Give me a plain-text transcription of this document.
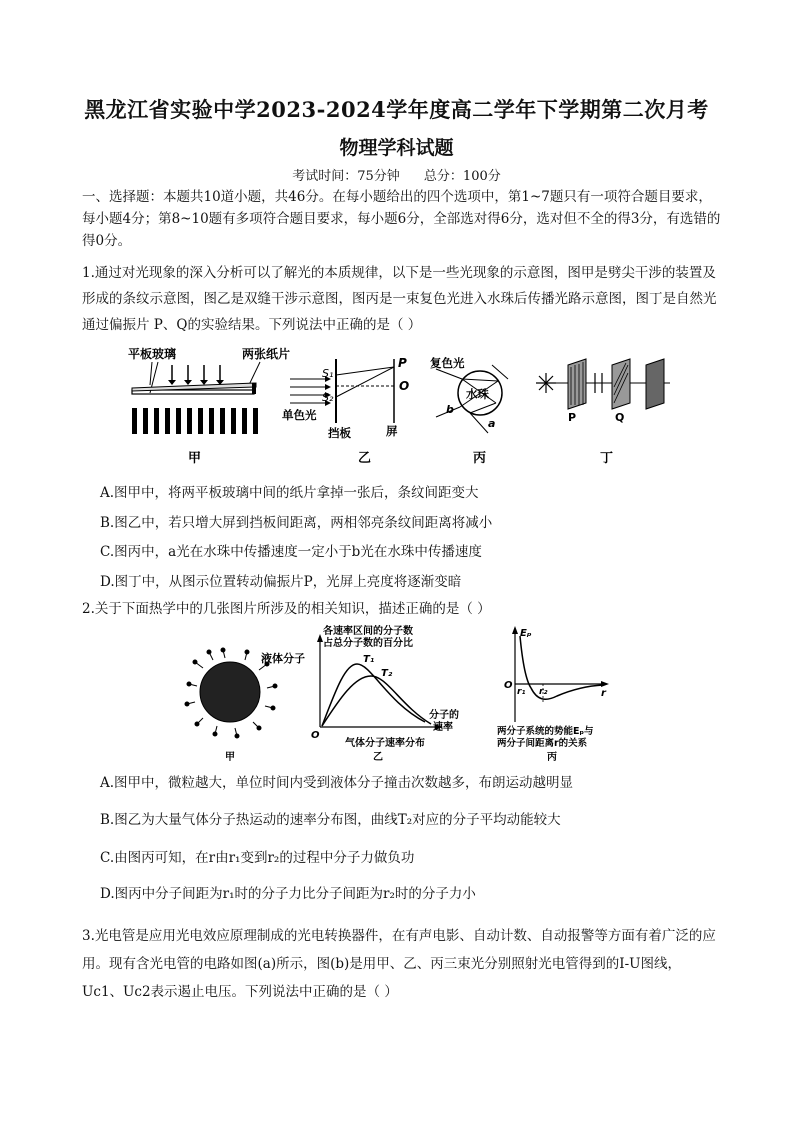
黑龙江省实验中学2023-2024学年度高二学年下学期第二次月考
物理学科试题
考试时间：75分钟 总分：100分
一、选择题：本题共10道小题，共46分。在每小题给出的四个选项中，第1~7题只有一项符合题目要求，每小题4分；第8~10题有多项符合题目要求，每小题6分，全部选对得6分，选对但不全的得3分，有选错的得0分。
1.通过对光现象的深入分析可以了解光的本质规律，以下是一些光现象的示意图，图甲是劈尖干涉的装置及形成的条纹示意图，图乙是双缝干涉示意图，图丙是一束复色光进入水珠后传播光路示意图，图丁是自然光通过偏振片 P、Q的实验结果。下列说法中正确的是（ ）
平板玻璃	两张纸片
甲
S₁
S₂
P
O
单色光
挡板	屏
乙
复色光
水珠
b
a
丙
P	Q
丁
A.图甲中，将两平板玻璃中间的纸片拿掉一张后，条纹间距变大
B.图乙中，若只增大屏到挡板间距离，两相邻亮条纹间距离将减小
C.图丙中，a光在水珠中传播速度一定小于b光在水珠中传播速度
D.图丁中，从图示位置转动偏振片P，光屏上亮度将逐渐变暗
2.关于下面热学中的几张图片所涉及的相关知识，描述正确的是（ ）
液体分子
甲
各速率区间的分子数
占总分子数的百分比
T₁
T₂
O
分子的
速率
气体分子速率分布
乙
Eₚ
r₁ r₂	r
O
两分子系统的势能Eₚ与
两分子间距离r的关系
丙
A.图甲中，微粒越大，单位时间内受到液体分子撞击次数越多，布朗运动越明显
B.图乙为大量气体分子热运动的速率分布图，曲线T₂对应的分子平均动能较大
C.由图丙可知，在r由r₁变到r₂的过程中分子力做负功
D.图丙中分子间距为r₁时的分子力比分子间距为r₂时的分子力小
3.光电管是应用光电效应原理制成的光电转换器件，在有声电影、自动计数、自动报警等方面有着广泛的应用。现有含光电管的电路如图(a)所示，图(b)是用甲、乙、丙三束光分别照射光电管得到的I-U图线，Uc1、Uc2表示遏止电压。下列说法中正确的是（ ）
